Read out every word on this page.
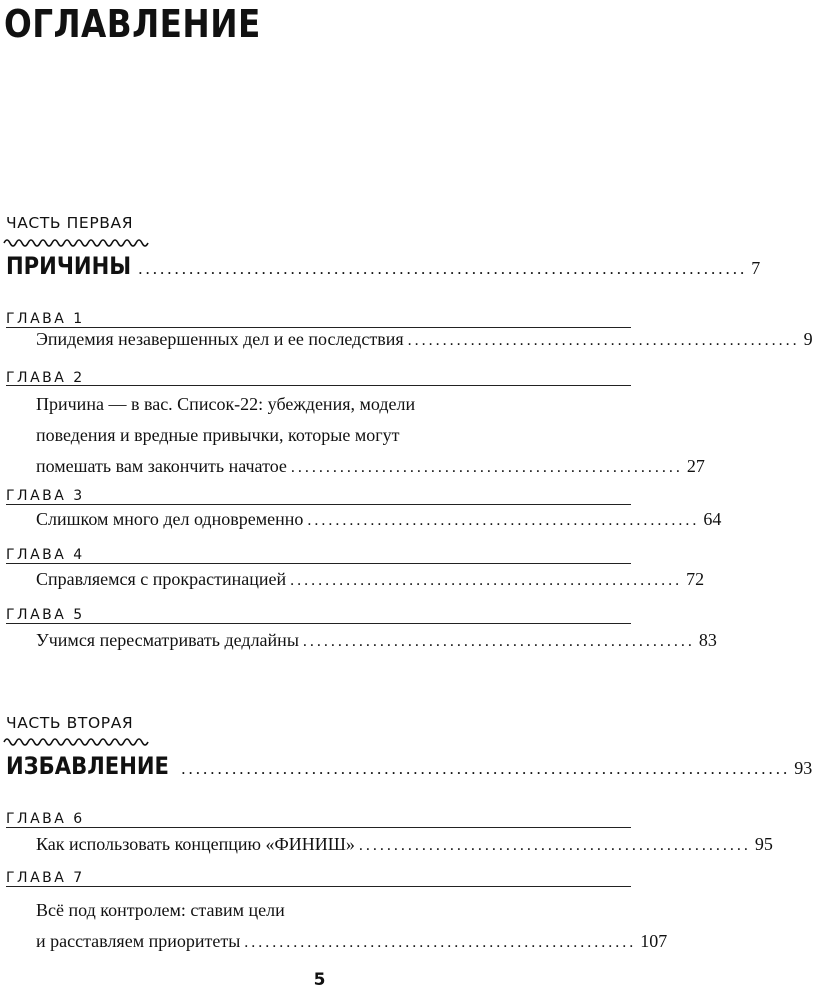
ОГЛАВЛЕНИЕ
ЧАСТЬ ПЕРВАЯ
ПРИЧИНЫ .................................................................................... 7
ГЛАВА 1
Эпидемия незавершенных дел и ее последствия ........................................................ 9
ГЛАВА 2
Причина — в вас. Список-22: убеждения, модели
поведения и вредные привычки, которые могут
помешать вам закончить начатое ........................................................ 27
ГЛАВА 3
Слишком много дел одновременно ........................................................ 64
ГЛАВА 4
Справляемся с прокрастинацией ........................................................ 72
ГЛАВА 5
Учимся пересматривать дедлайны ........................................................ 83
ЧАСТЬ ВТОРАЯ
ИЗБАВЛЕНИЕ .................................................................................... 93
ГЛАВА 6
Как использовать концепцию «ФИНИШ» ........................................................ 95
ГЛАВА 7
Всё под контролем: ставим цели
и расставляем приоритеты ........................................................ 107
5
